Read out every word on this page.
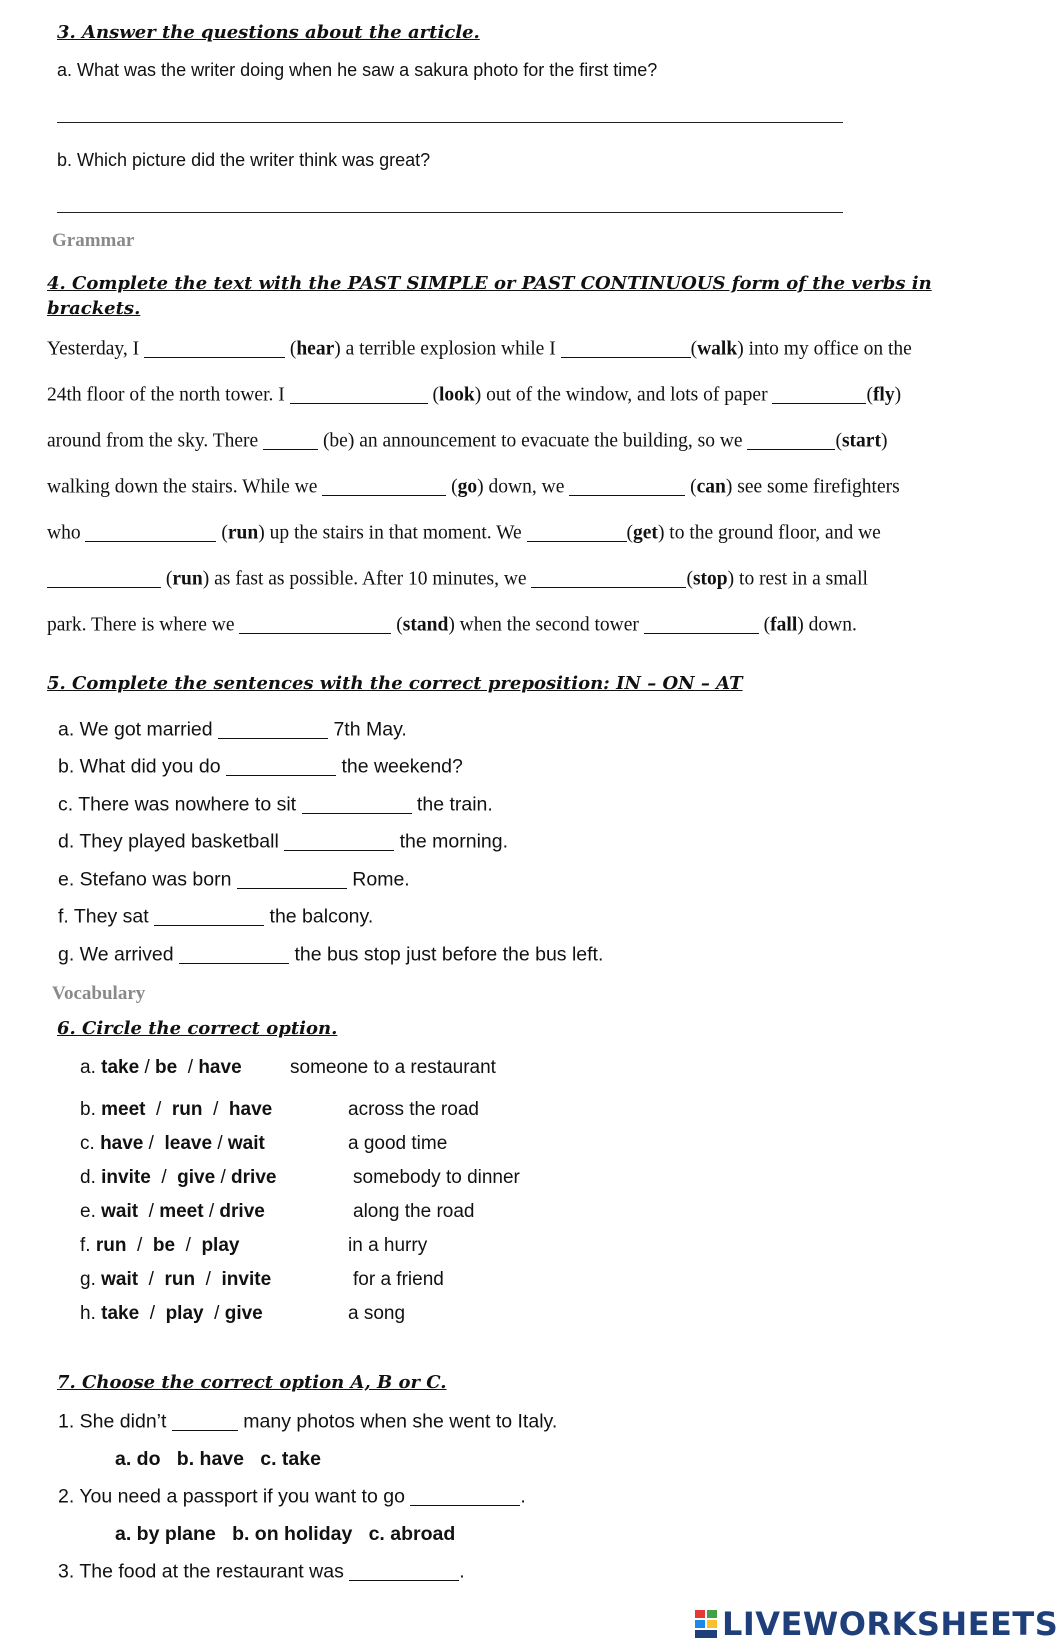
3. Answer the questions about the article.
a. What was the writer doing when he saw a sakura photo for the first time?
b. Which picture did the writer think was great?
Grammar
4. Complete the text with the PAST SIMPLE or PAST CONTINUOUS form of the verbs in
brackets.
Yesterday, I	(hear) a terrible explosion while I	(walk) into my office on the
24th floor of the north tower. I	(look) out of the window, and lots of paper	(fly)
around from the sky. There	(be) an announcement to evacuate the building, so we	(start)
walking down the stairs. While we	(go) down, we	(can) see some firefighters
who	(run) up the stairs in that moment. We	(get) to the ground floor, and we
(run) as fast as possible. After 10 minutes, we	(stop) to rest in a small
park. There is where we	(stand) when the second tower	(fall) down.
5. Complete the sentences with the correct preposition: IN – ON – AT
a. We got married	7th May.
b. What did you do	the weekend?
c. There was nowhere to sit	the train.
d. They played basketball	the morning.
e. Stefano was born	Rome.
f. They sat	the balcony.
g. We arrived	the bus stop just before the bus left.
Vocabulary
6. Circle the correct option.
a. take / be  / have	someone to a restaurant
b. meet  /  run  /  have	across the road
c. have /  leave / wait	a good time
d. invite  /  give / drive	somebody to dinner
e. wait  / meet / drive	along the road
f. run  /  be  /  play	in a hurry
g. wait  /  run  /  invite	for a friend
h. take  /  play  / give	a song
7. Choose the correct option A, B or C.
1. She didn’t	many photos when she went to Italy.
a. do b. have c. take
2. You need a passport if you want to go	.
a. by plane b. on holiday c. abroad
3. The food at the restaurant was	.
LIVEWORKSHEETS
